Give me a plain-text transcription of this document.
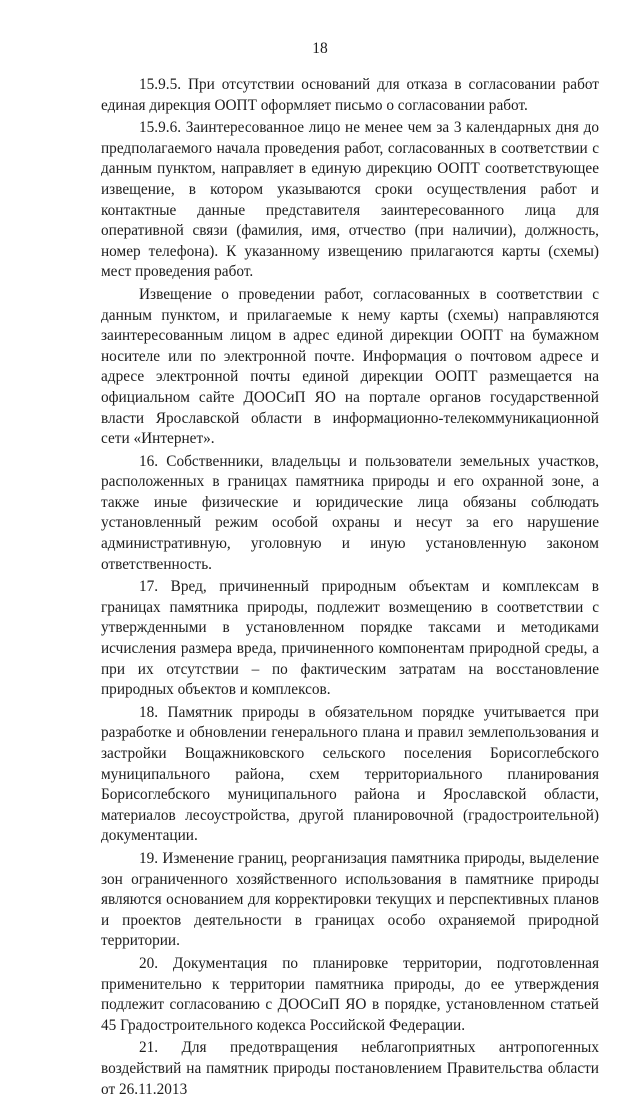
18

15.9.5. При отсутствии оснований для отказа в согласовании работ единая дирекция ООПТ оформляет письмо о согласовании работ.

15.9.6. Заинтересованное лицо не менее чем за 3 календарных дня до предполагаемого начала проведения работ, согласованных в соответствии с данным пунктом, направляет в единую дирекцию ООПТ соответствующее извещение, в котором указываются сроки осуществления работ и контактные данные представителя заинтересованного лица для оперативной связи (фамилия, имя, отчество (при наличии), должность, номер телефона). К указанному извещению прилагаются карты (схемы) мест проведения работ.

Извещение о проведении работ, согласованных в соответствии с данным пунктом, и прилагаемые к нему карты (схемы) направляются заинтересованным лицом в адрес единой дирекции ООПТ на бумажном носителе или по электронной почте. Информация о почтовом адресе и адресе электронной почты единой дирекции ООПТ размещается на официальном сайте ДООСиП ЯО на портале органов государственной власти Ярославской области в информационно-телекоммуникационной сети «Интернет».

16. Собственники, владельцы и пользователи земельных участков, расположенных в границах памятника природы и его охранной зоне, а также иные физические и юридические лица обязаны соблюдать установленный режим особой охраны и несут за его нарушение административную, уголовную и иную установленную законом ответственность.

17. Вред, причиненный природным объектам и комплексам в границах памятника природы, подлежит возмещению в соответствии с утвержденными в установленном порядке таксами и методиками исчисления размера вреда, причиненного компонентам природной среды, а при их отсутствии – по фактическим затратам на восстановление природных объектов и комплексов.

18. Памятник природы в обязательном порядке учитывается при разработке и обновлении генерального плана и правил землепользования и застройки Вощажниковского сельского поселения Борисоглебского муниципального района, схем территориального планирования Борисоглебского муниципального района и Ярославской области, материалов лесоустройства, другой планировочной (градостроительной) документации.

19. Изменение границ, реорганизация памятника природы, выделение зон ограниченного хозяйственного использования в памятнике природы являются основанием для корректировки текущих и перспективных планов и проектов деятельности в границах особо охраняемой природной территории.

20. Документация по планировке территории, подготовленная применительно к территории памятника природы, до ее утверждения подлежит согласованию с ДООСиП ЯО в порядке, установленном статьей 45 Градостроительного кодекса Российской Федерации.

21. Для предотвращения неблагоприятных антропогенных воздействий на памятник природы постановлением Правительства области от 26.11.2013
